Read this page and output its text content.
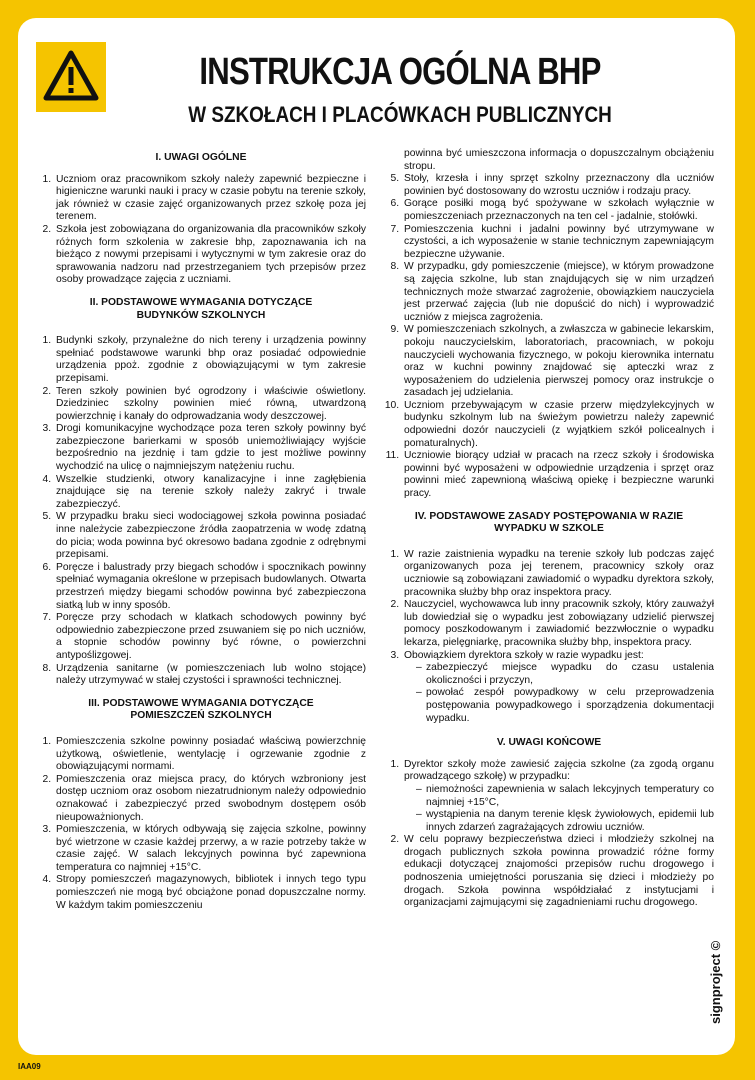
INSTRUKCJA OGÓLNA BHP
W SZKOŁACH I PLACÓWKACH PUBLICZNYCH
I. UWAGI OGÓLNE
1. Uczniom oraz pracownikom szkoły należy zapewnić bezpieczne i higieniczne warunki nauki i pracy w czasie pobytu na terenie szkoły, jak również w czasie zajęć organizowanych przez szkołę poza jej terenem.
2. Szkoła jest zobowiązana do organizowania dla pracowników szkoły różnych form szkolenia w zakresie bhp, zapoznawania ich na bieżąco z nowymi przepisami i wytycznymi w tym zakresie oraz do sprawowania nadzoru nad przestrzeganiem tych przepisów przez osoby prowadzące zajęcia z uczniami.
II. PODSTAWOWE WYMAGANIA DOTYCZĄCE
BUDYNKÓW SZKOLNYCH
1. Budynki szkoły, przynależne do nich tereny i urządzenia powinny spełniać podstawowe warunki bhp oraz posiadać odpowiednie urządzenia ppoż. zgodnie z obowiązującymi w tym zakresie przepisami.
2. Teren szkoły powinien być ogrodzony i właściwie oświetlony. Dziedziniec szkolny powinien mieć równą, utwardzoną powierzchnię i kanały do odprowadzania wody deszczowej.
3. Drogi komunikacyjne wychodzące poza teren szkoły powinny być zabezpieczone barierkami w sposób uniemożliwiający wyjście bezpośrednio na jezdnię i tam gdzie to jest możliwe powinny wychodzić na ulicę o najmniejszym natężeniu ruchu.
4. Wszelkie studzienki, otwory kanalizacyjne i inne zagłębienia znajdujące się na terenie szkoły należy zakryć i trwale zabezpieczyć.
5. W przypadku braku sieci wodociągowej szkoła powinna posiadać inne należycie zabezpieczone źródła zaopatrzenia w wodę zdatną do picia; woda powinna być okresowo badana zgodnie z odrębnymi przepisami.
6. Poręcze i balustrady przy biegach schodów i spocznikach powinny spełniać wymagania określone w przepisach budowlanych. Otwarta przestrzeń między biegami schodów powinna być zabezpieczona siatką lub w inny sposób.
7. Poręcze przy schodach w klatkach schodowych powinny być odpowiednio zabezpieczone przed zsuwaniem się po nich uczniów, a stopnie schodów powinny być równe, o powierzchni antypoślizgowej.
8. Urządzenia sanitarne (w pomieszczeniach lub wolno stojące) należy utrzymywać w stałej czystości i sprawności technicznej.
III. PODSTAWOWE WYMAGANIA DOTYCZĄCE
POMIESZCZEŃ SZKOLNYCH
1. Pomieszczenia szkolne powinny posiadać właściwą powierzchnię użytkową, oświetlenie, wentylację i ogrzewanie zgodnie z obowiązującymi normami.
2. Pomieszczenia oraz miejsca pracy, do których wzbroniony jest dostęp uczniom oraz osobom niezatrudnionym należy odpowiednio oznakować i zabezpieczyć przed swobodnym dostępem osób nieupoważnionych.
3. Pomieszczenia, w których odbywają się zajęcia szkolne, powinny być wietrzone w czasie każdej przerwy, a w razie potrzeby także w czasie zajęć. W salach lekcyjnych powinna być zapewniona temperatura co najmniej +15°C.
4. Stropy pomieszczeń magazynowych, bibliotek i innych tego typu pomieszczeń nie mogą być obciążone ponad dopuszczalne normy. W każdym takim pomieszczeniu
powinna być umieszczona informacja o dopuszczalnym obciążeniu stropu.
5. Stoły, krzesła i inny sprzęt szkolny przeznaczony dla uczniów powinien być dostosowany do wzrostu uczniów i rodzaju pracy.
6. Gorące posiłki mogą być spożywane w szkołach wyłącznie w pomieszczeniach przeznaczonych na ten cel - jadalnie, stołówki.
7. Pomieszczenia kuchni i jadalni powinny być utrzymywane w czystości, a ich wyposażenie w stanie technicznym zapewniającym bezpieczne używanie.
8. W przypadku, gdy pomieszczenie (miejsce), w którym prowadzone są zajęcia szkolne, lub stan znajdujących się w nim urządzeń technicznych może stwarzać zagrożenie, obowiązkiem nauczyciela jest przerwać zajęcia (lub nie dopuścić do nich) i wyprowadzić uczniów z miejsca zagrożenia.
9. W pomieszczeniach szkolnych, a zwłaszcza w gabinecie lekarskim, pokoju nauczycielskim, laboratoriach, pracowniach, w pokoju nauczycieli wychowania fizycznego, w pokoju kierownika internatu oraz w kuchni powinny znajdować się apteczki wraz z wyposażeniem do udzielenia pierwszej pomocy oraz instrukcje o zasadach jej udzielania.
10. Uczniom przebywającym w czasie przerw międzylekcyjnych w budynku szkolnym lub na świeżym powietrzu należy zapewnić odpowiedni dozór nauczycieli (z wyjątkiem szkół policealnych i pomaturalnych).
11. Uczniowie biorący udział w pracach na rzecz szkoły i środowiska powinni być wyposażeni w odpowiednie urządzenia i sprzęt oraz powinni mieć zapewnioną właściwą opiekę i bezpieczne warunki pracy.
IV. PODSTAWOWE ZASADY POSTĘPOWANIA W RAZIE
WYPADKU W SZKOLE
1. W razie zaistnienia wypadku na terenie szkoły lub podczas zajęć organizowanych poza jej terenem, pracownicy szkoły oraz uczniowie są zobowiązani zawiadomić o wypadku dyrektora szkoły, pracownika służby bhp oraz inspektora pracy.
2. Nauczyciel, wychowawca lub inny pracownik szkoły, który zauważył lub dowiedział się o wypadku jest zobowiązany udzielić pierwszej pomocy poszkodowanym i zawiadomić bezzwłocznie o wypadku lekarza, pielęgniarkę, pracownika służby bhp, inspektora pracy.
3. Obowiązkiem dyrektora szkoły w razie wypadku jest:
– zabezpieczyć miejsce wypadku do czasu ustalenia okoliczności i przyczyn,
– powołać zespół powypadkowy w celu przeprowadzenia postępowania powypadkowego i sporządzenia dokumentacji wypadku.
V. UWAGI KOŃCOWE
1. Dyrektor szkoły może zawiesić zajęcia szkolne (za zgodą organu prowadzącego szkołę) w przypadku:
– niemożności zapewnienia w salach lekcyjnych temperatury co najmniej +15°C,
– wystąpienia na danym terenie klęsk żywiołowych, epidemii lub innych zdarzeń zagrażających zdrowiu uczniów.
2. W celu poprawy bezpieczeństwa dzieci i młodzieży szkolnej na drogach publicznych szkoła powinna prowadzić różne formy edukacji dotyczącej znajomości przepisów ruchu drogowego i podnoszenia umiejętności poruszania się dzieci i młodzieży po drogach. Szkoła powinna współdziałać z instytucjami i organizacjami zajmującymi się zagadnieniami ruchu drogowego.
signproject ©
IAA09
